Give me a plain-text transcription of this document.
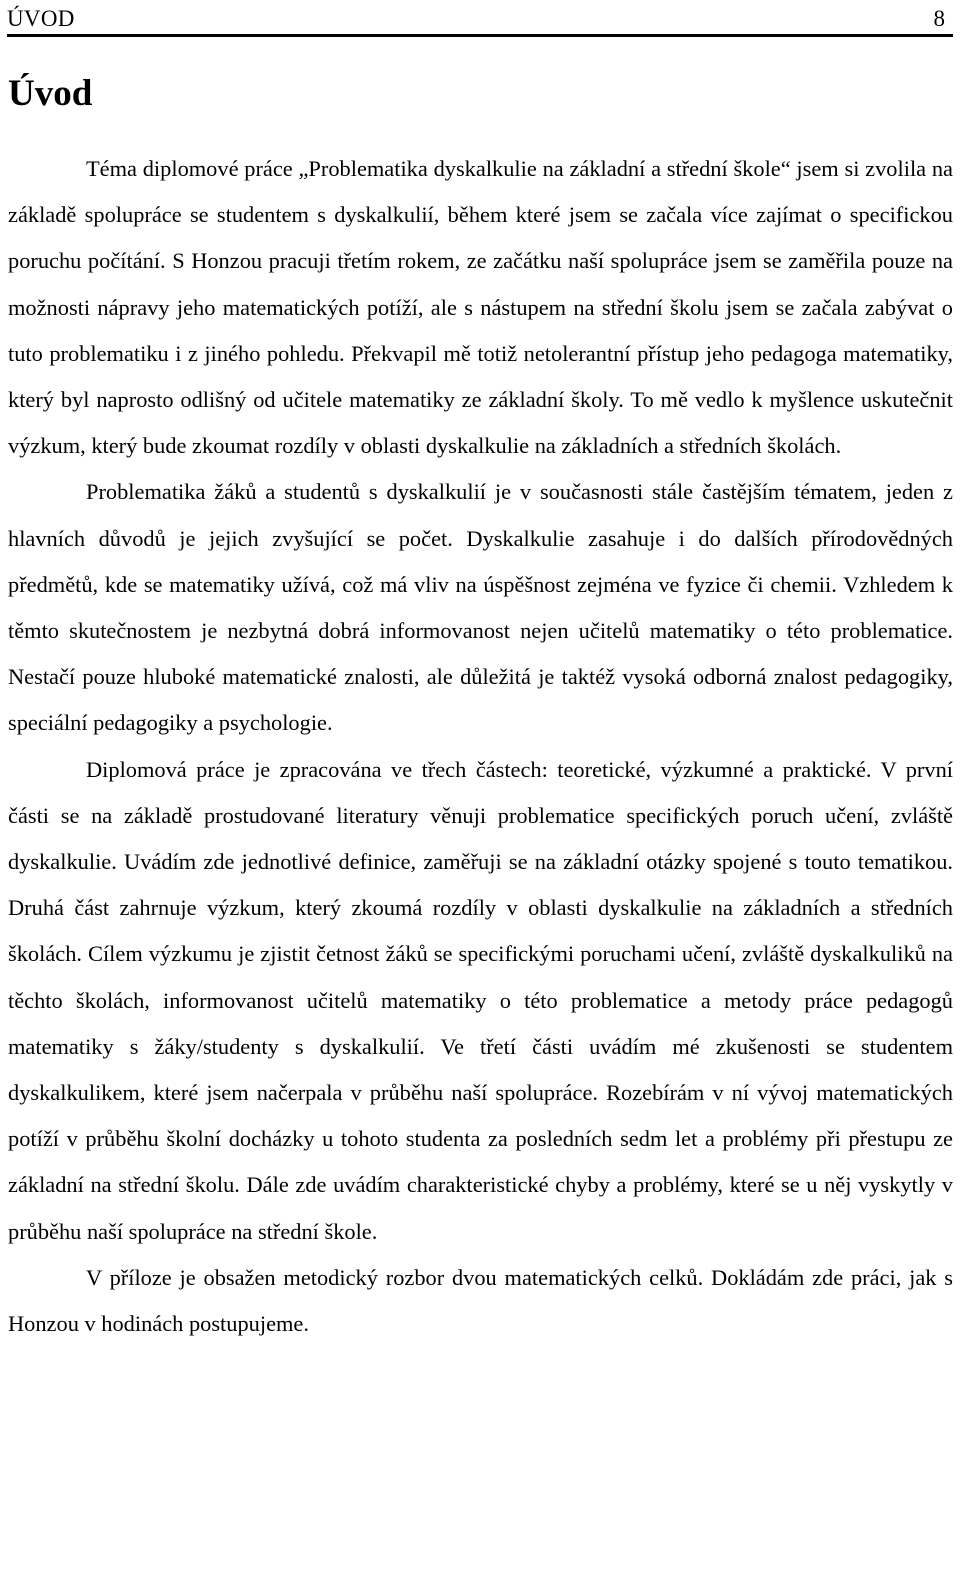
ÚVOD	8
Úvod

Téma diplomové práce „Problematika dyskalkulie na základní a střední škole“ jsem si zvolila na základě spolupráce se studentem s dyskalkulií, během které jsem se začala více zajímat o specifickou poruchu počítání. S Honzou pracuji třetím rokem, ze začátku naší spolupráce jsem se zaměřila pouze na možnosti nápravy jeho matematických potíží, ale s nástupem na střední školu jsem se začala zabývat o tuto problematiku i z jiného pohledu. Překvapil mě totiž netolerantní přístup jeho pedagoga matematiky, který byl naprosto odlišný od učitele matematiky ze základní školy. To mě vedlo k myšlence uskutečnit výzkum, který bude zkoumat rozdíly v oblasti dyskalkulie na základních a středních školách.

Problematika žáků a studentů s dyskalkulií je v současnosti stále častějším tématem, jeden z hlavních důvodů je jejich zvyšující se počet. Dyskalkulie zasahuje i do dalších přírodovědných předmětů, kde se matematiky užívá, což má vliv na úspěšnost zejména ve fyzice či chemii. Vzhledem k těmto skutečnostem je nezbytná dobrá informovanost nejen učitelů matematiky o této problematice. Nestačí pouze hluboké matematické znalosti, ale důležitá je taktéž vysoká odborná znalost pedagogiky, speciální pedagogiky a psychologie.

Diplomová práce je zpracována ve třech částech: teoretické, výzkumné a praktické. V první části se na základě prostudované literatury věnuji problematice specifických poruch učení, zvláště dyskalkulie. Uvádím zde jednotlivé definice, zaměřuji se na základní otázky spojené s touto tematikou. Druhá část zahrnuje výzkum, který zkoumá rozdíly v oblasti dyskalkulie na základních a středních školách. Cílem výzkumu je zjistit četnost žáků se specifickými poruchami učení, zvláště dyskalkuliků na těchto školách, informovanost učitelů matematiky o této problematice a metody práce pedagogů matematiky s žáky/studenty s dyskalkulií. Ve třetí části uvádím mé zkušenosti se studentem dyskalkulikem, které jsem načerpala v průběhu naší spolupráce. Rozebírám v ní vývoj matematických potíží v průběhu školní docházky u tohoto studenta za posledních sedm let a problémy při přestupu ze základní na střední školu. Dále zde uvádím charakteristické chyby a problémy, které se u něj vyskytly v průběhu naší spolupráce na střední škole.

V příloze je obsažen metodický rozbor dvou matematických celků. Dokládám zde práci, jak s Honzou v hodinách postupujeme.
